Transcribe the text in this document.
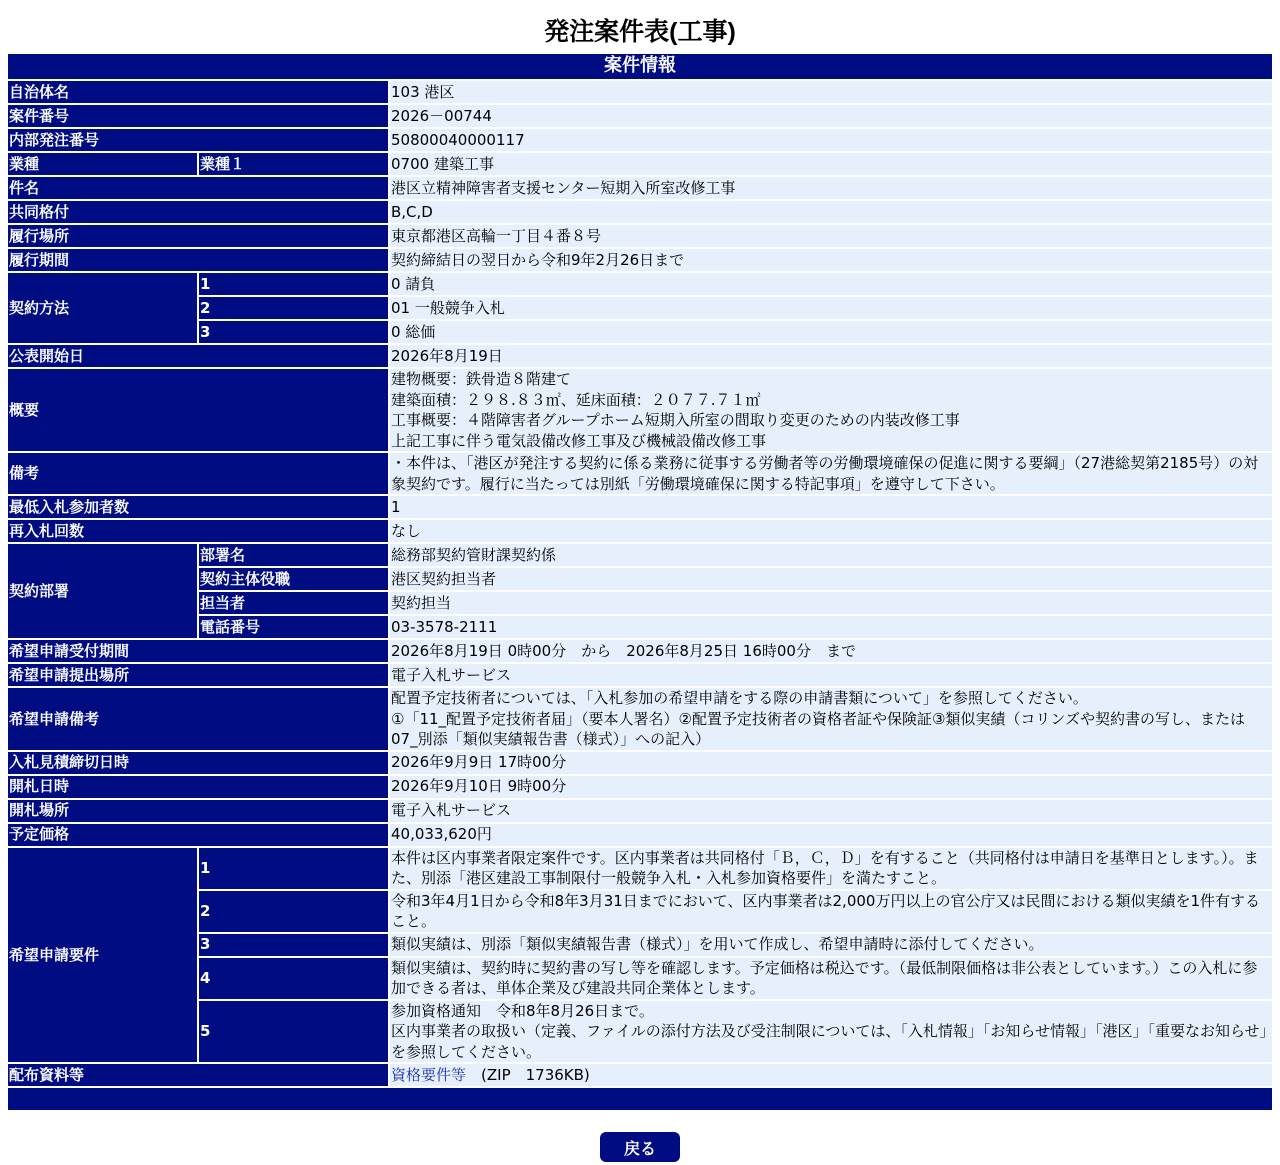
発注案件表(工事)
案件情報		
自治体名		103 港区
案件番号		2026－00744
内部発注番号		50800040000117
業種	業種１	0700 建築工事
件名		港区立精神障害者支援センター短期入所室改修工事
共同格付		B,C,D
履行場所		東京都港区高輪一丁目４番８号
履行期間		契約締結日の翌日から令和9年2月26日まで
契約方法	1	0 請負
	2	01 一般競争入札
	3	0 総価
公表開始日		2026年8月19日
概要		建物概要：鉄骨造８階建て
建築面積：２９８.８３㎡、延床面積：２０７７.７１㎡
工事概要：４階障害者グループホーム短期入所室の間取り変更のための内装改修工事
上記工事に伴う電気設備改修工事及び機械設備改修工事

備考		・本件は、「港区が発注する契約に係る業務に従事する労働者等の労働環境確保の促進に関する要綱」（27港総契第2185号）の対象契約です。履行に当たっては別紙「労働環境確保に関する特記事項」を遵守して下さい。
最低入札参加者数		1
再入札回数		なし
契約部署	部署名	総務部契約管財課契約係
	契約主体役職	港区契約担当者
	担当者	契約担当
	電話番号	03-3578-2111
希望申請受付期間		2026年8月19日 0時00分　から　2026年8月25日 16時00分　まで
希望申請提出場所		電子入札サービス
希望申請備考		配置予定技術者については、「入札参加の希望申請をする際の申請書類について」を参照してください。
①「11_配置予定技術者届」（要本人署名）②配置予定技術者の資格者証や保険証③類似実績（コリンズや契約書の写し、または07_別添「類似実績報告書（様式）」への記入）

入札見積締切日時		2026年9月9日 17時00分
開札日時		2026年9月10日 9時00分
開札場所		電子入札サービス
予定価格		40,033,620円
希望申請要件	1	本件は区内事業者限定案件です。区内事業者は共同格付「Ｂ，Ｃ，Ｄ」を有すること（共同格付は申請日を基準日とします。）。また、別添「港区建設工事制限付一般競争入札・入札参加資格要件」を満たすこと。

	2	令和3年4月1日から令和8年3月31日までにおいて、区内事業者は2,000万円以上の官公庁又は民間における類似実績を1件有すること。

	3	類似実績は、別添「類似実績報告書（様式）」を用いて作成し、希望申請時に添付してください。

	4	類似実績は、契約時に契約書の写し等を確認します。予定価格は税込です。（最低制限価格は非公表としています。）この入札に参加できる者は、単体企業及び建設共同企業体とします。

	5	参加資格通知　令和8年8月26日まで。
区内事業者の取扱い（定義、ファイルの添付方法及び受注制限については、「入札情報」「お知らせ情報」「港区」「重要なお知らせ」を参照してください。

配布資料等		資格要件等　(ZIP　1736KB)

戻る
